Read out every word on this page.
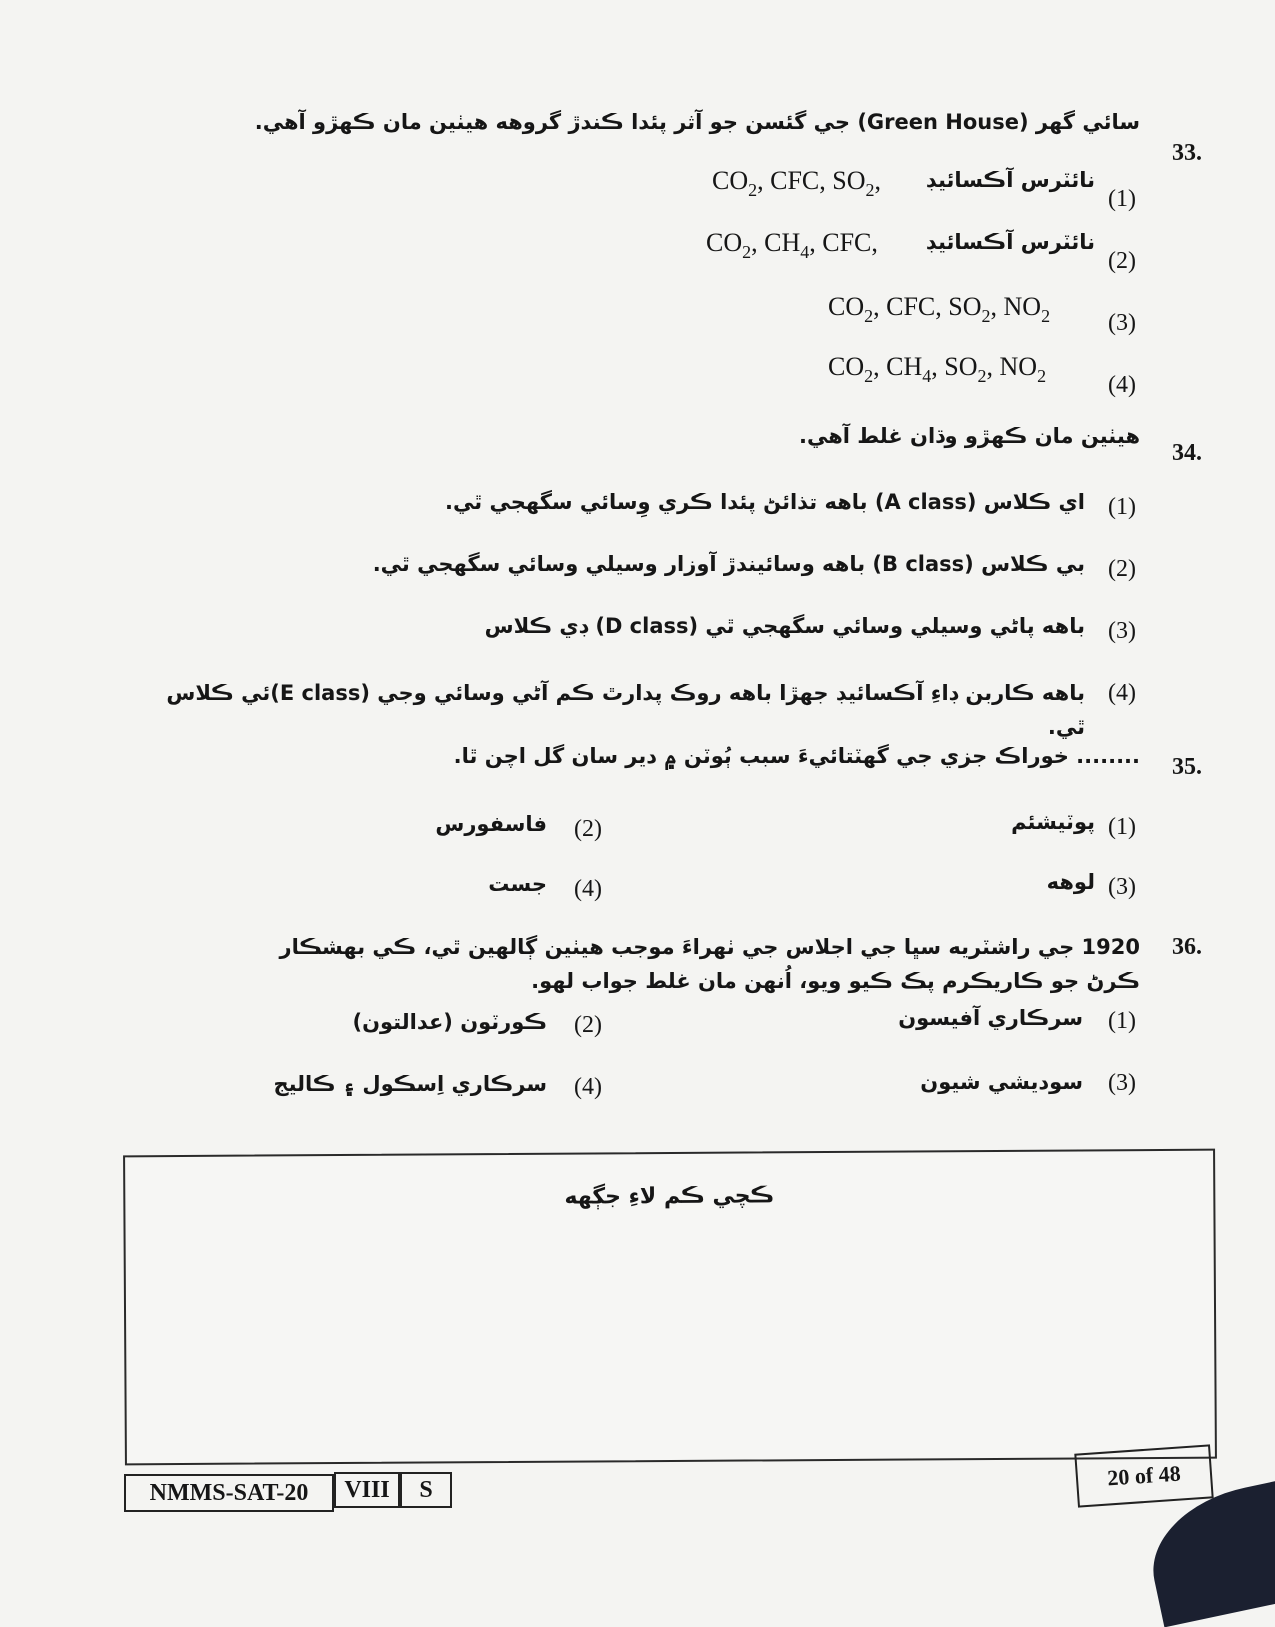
33.
سائي گهر (Green House) جي گئسن جو آثر پئدا ڪندڙ گروهه هيٺين مان ڪهڙو آهي.
(1)
نائٽرس آڪسائيڊ
$CO_2$, CFC, $SO_2$,
(2)
نائٽرس آڪسائيڊ
$CO_2$, $CH_4$, CFC,
(3)
$CO_2$, CFC, $SO_2$, $NO_2$
(4)
$CO_2$, $CH_4$, $SO_2$, $NO_2$
34.
هيٺين مان ڪهڙو وڌان غلط آهي.
(1)
اي ڪلاس (A class) باهه تذائڻ پئدا ڪري وِسائي سگهجي ٿي.
(2)
بي ڪلاس (B class) باهه وسائيندڙ آوزار وسيلي وسائي سگهجي ٿي.
(3)
باهه پاڻي وسيلي وسائي سگهجي ٿي (D class) ڊي ڪلاس
(4)
باهه ڪاربن ڊاءِ آڪسائيڊ جهڙا باهه روڪ پدارٿ ڪم آڻي وسائي وجي (E class)ئي ڪلاس ٿي.
35.
........ خوراڪ جزي جي گهٽتائيءَ سبب ٻُوٽن ۾ دير سان گل اچن ٿا.
(1)
پوٽيشئم
(2)
فاسفورس
(3)
لوهه
(4)
جست
36.
1920 جي راشٽريه سڀا جي اجلاس جي ٺهراءَ موجب هيٺين ڳالهين ٿي، ڪي بهشڪار ڪرڻ جو ڪاريڪرم پڪ ڪيو ويو، اُنهن مان غلط جواب لهو.
(1)
سرڪاري آفيسون
(2)
ڪورٽون (عدالتون)
(3)
سوديشي شيون
(4)
سرڪاري اِسڪول ۽ ڪاليج
ڪچي ڪم لاءِ جڳهه
NMMS-SAT-20	VIII	S	20 of 48
